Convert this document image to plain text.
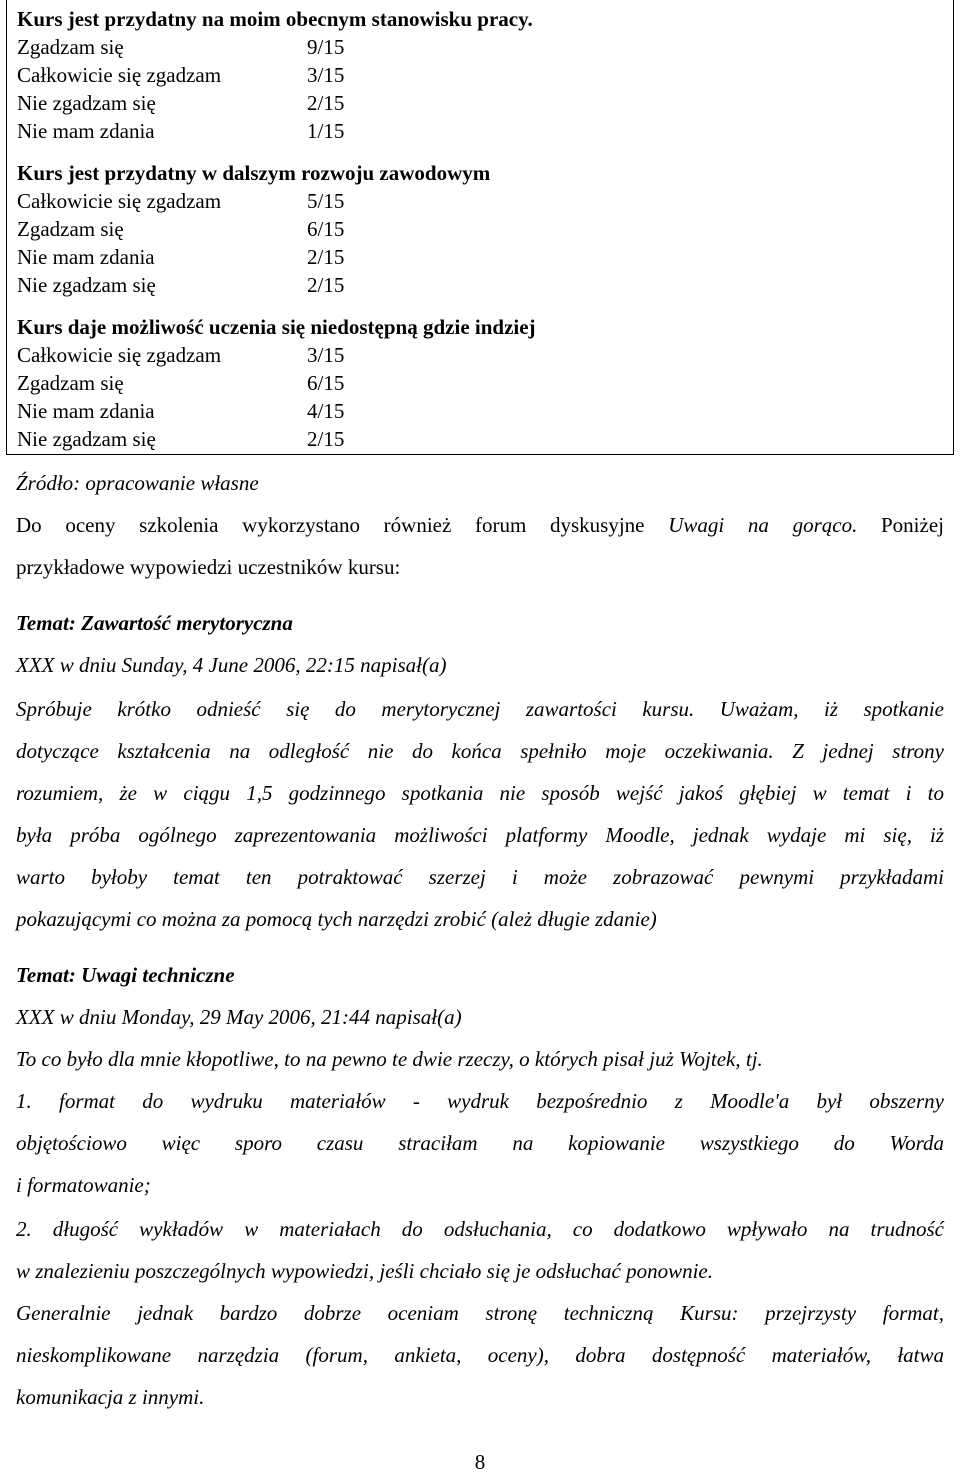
Kurs jest przydatny na moim obecnym stanowisku pracy.
Zgadzam się	9/15
Całkowicie się zgadzam	3/15
Nie zgadzam się	2/15
Nie mam zdania	1/15
Kurs jest przydatny w dalszym rozwoju zawodowym
Całkowicie się zgadzam	5/15
Zgadzam się	6/15
Nie mam zdania	2/15
Nie zgadzam się	2/15
Kurs daje możliwość uczenia się niedostępną gdzie indziej
Całkowicie się zgadzam	3/15
Zgadzam się	6/15
Nie mam zdania	4/15
Nie zgadzam się	2/15
Źródło: opracowanie własne
Do oceny szkolenia wykorzystano również forum dyskusyjne Uwagi na gorąco. Poniżej
przykładowe wypowiedzi uczestników kursu:
Temat: Zawartość merytoryczna
XXX w dniu Sunday, 4 June 2006, 22:15 napisał(a)
Spróbuje krótko odnieść się do merytorycznej zawartości kursu. Uważam, iż spotkanie
dotyczące kształcenia na odległość nie do końca spełniło moje oczekiwania. Z jednej strony
rozumiem, że w ciągu 1,5 godzinnego spotkania nie sposób wejść jakoś głębiej w temat i to
była próba ogólnego zaprezentowania możliwości platformy Moodle, jednak wydaje mi się, iż
warto byłoby temat ten potraktować szerzej i może zobrazować pewnymi przykładami
pokazującymi co można za pomocą tych narzędzi zrobić (ależ długie zdanie)
Temat: Uwagi techniczne
XXX w dniu Monday, 29 May 2006, 21:44 napisał(a)
To co było dla mnie kłopotliwe, to na pewno te dwie rzeczy, o których pisał już Wojtek, tj.
1. format do wydruku materiałów - wydruk bezpośrednio z Moodle'a był obszerny
objętościowo więc sporo czasu straciłam na kopiowanie wszystkiego do Worda
i formatowanie;
2. długość wykładów w materiałach do odsłuchania, co dodatkowo wpływało na trudność
w znalezieniu poszczególnych wypowiedzi, jeśli chciało się je odsłuchać ponownie.
Generalnie jednak bardzo dobrze oceniam stronę techniczną Kursu: przejrzysty format,
nieskomplikowane narzędzia (forum, ankieta, oceny), dobra dostępność materiałów, łatwa
komunikacja z innymi.
8
